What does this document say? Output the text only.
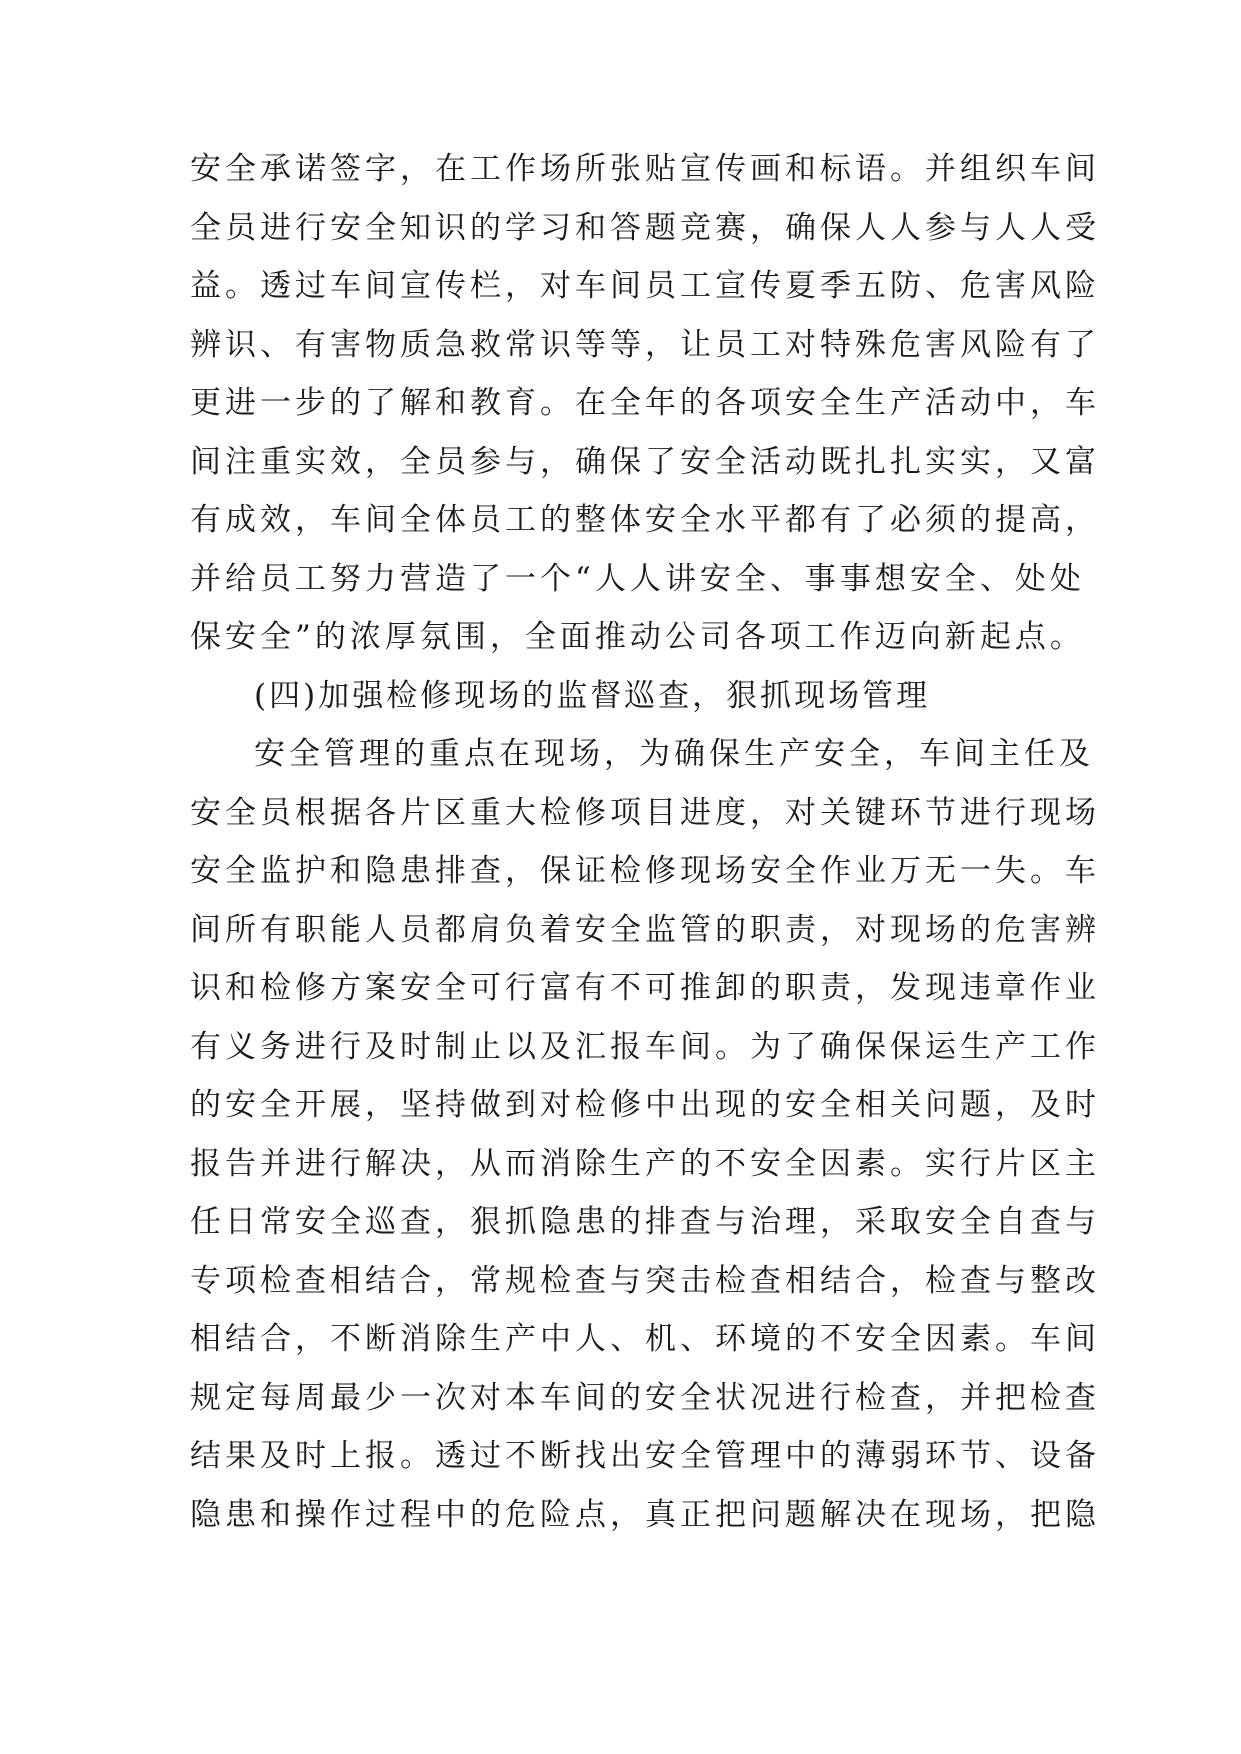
安全承诺签字，在工作场所张贴宣传画和标语。并组织车间
全员进行安全知识的学习和答题竞赛，确保人人参与人人受
益。透过车间宣传栏，对车间员工宣传夏季五防、危害风险
辨识、有害物质急救常识等等，让员工对特殊危害风险有了
更进一步的了解和教育。在全年的各项安全生产活动中，车
间注重实效，全员参与，确保了安全活动既扎扎实实，又富
有成效，车间全体员工的整体安全水平都有了必须的提高，
并给员工努力营造了一个“人人讲安全、事事想安全、处处
保安全”的浓厚氛围，全面推动公司各项工作迈向新起点。
(四)加强检修现场的监督巡查，狠抓现场管理
安全管理的重点在现场，为确保生产安全，车间主任及
安全员根据各片区重大检修项目进度，对关键环节进行现场
安全监护和隐患排查，保证检修现场安全作业万无一失。车
间所有职能人员都肩负着安全监管的职责，对现场的危害辨
识和检修方案安全可行富有不可推卸的职责，发现违章作业
有义务进行及时制止以及汇报车间。为了确保保运生产工作
的安全开展，坚持做到对检修中出现的安全相关问题，及时
报告并进行解决，从而消除生产的不安全因素。实行片区主
任日常安全巡查，狠抓隐患的排查与治理，采取安全自查与
专项检查相结合，常规检查与突击检查相结合，检查与整改
相结合，不断消除生产中人、机、环境的不安全因素。车间
规定每周最少一次对本车间的安全状况进行检查，并把检查
结果及时上报。透过不断找出安全管理中的薄弱环节、设备
隐患和操作过程中的危险点，真正把问题解决在现场，把隐
